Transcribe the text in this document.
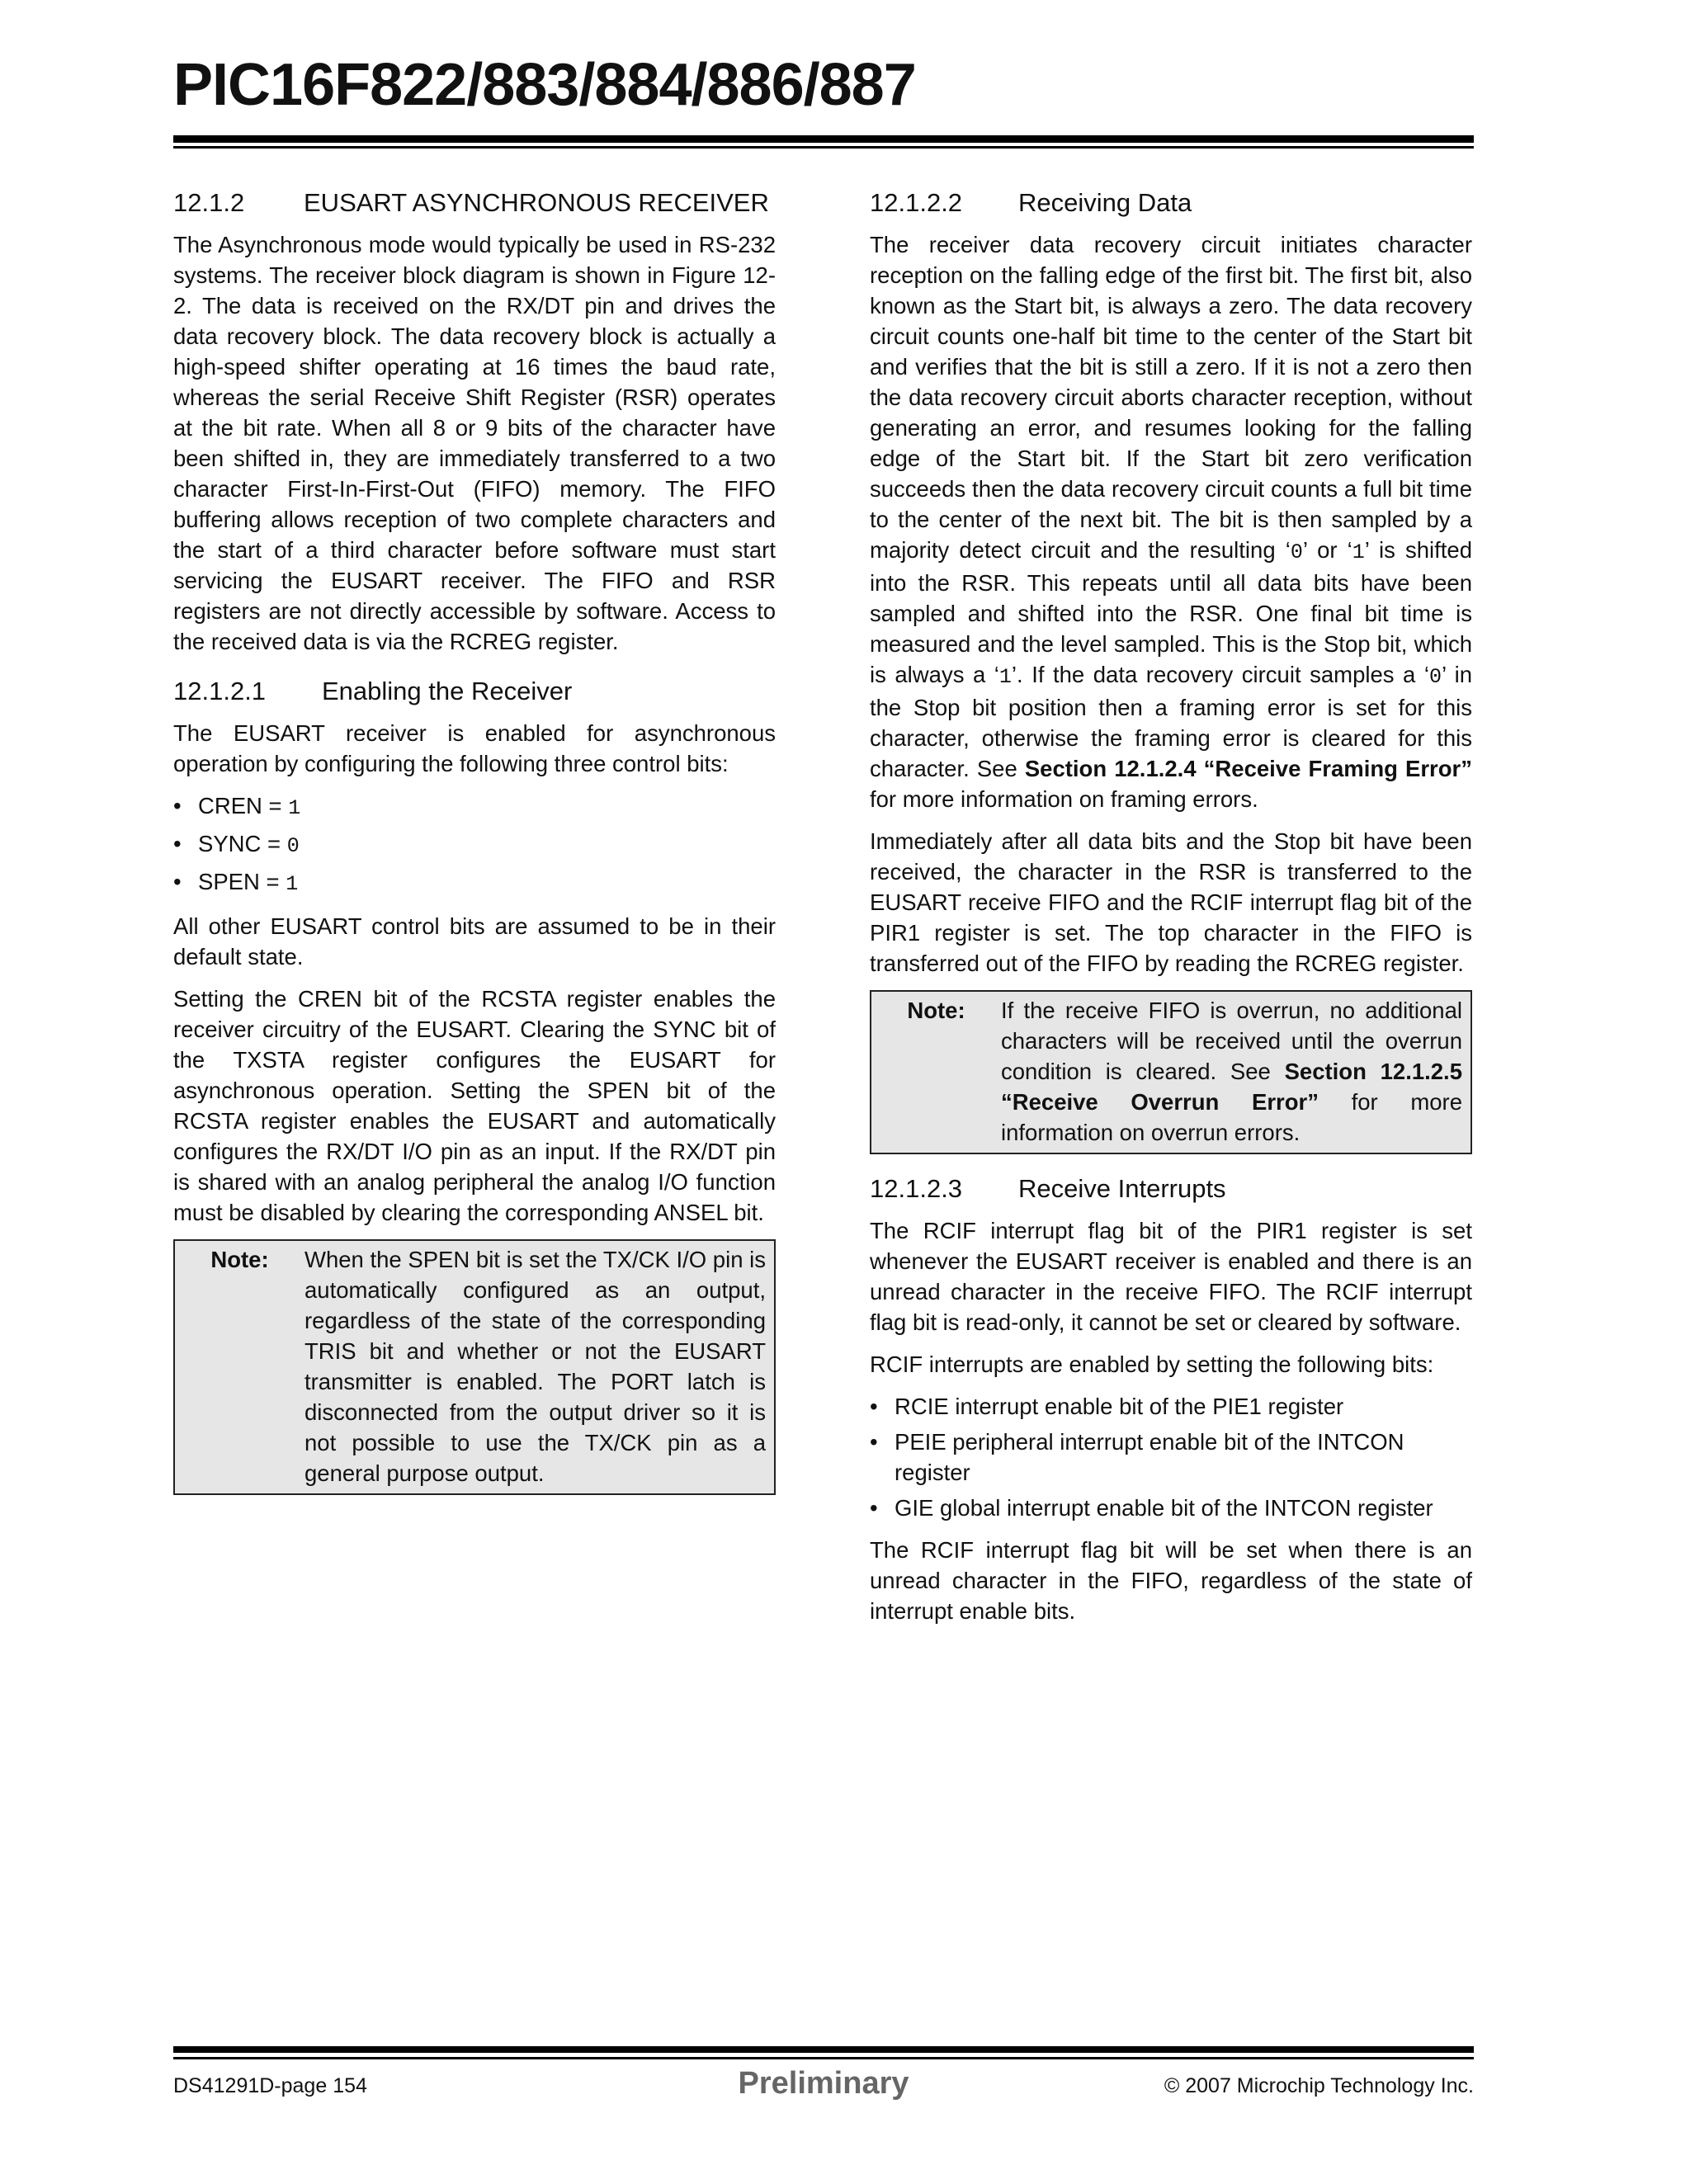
PIC16F822/883/884/886/887
12.1.2	EUSART ASYNCHRONOUS RECEIVER

The Asynchronous mode would typically be used in RS-232 systems. The receiver block diagram is shown in Figure 12-2. The data is received on the RX/DT pin and drives the data recovery block. The data recovery block is actually a high-speed shifter operating at 16 times the baud rate, whereas the serial Receive Shift Register (RSR) operates at the bit rate. When all 8 or 9 bits of the character have been shifted in, they are immediately transferred to a two character First-In-First-Out (FIFO) memory. The FIFO buffering allows reception of two complete characters and the start of a third character before software must start servicing the EUSART receiver. The FIFO and RSR registers are not directly accessible by software. Access to the received data is via the RCREG register.

12.1.2.1	Enabling the Receiver

The EUSART receiver is enabled for asynchronous operation by configuring the following three control bits:

• CREN = 1
• SYNC = 0
• SPEN = 1

All other EUSART control bits are assumed to be in their default state.

Setting the CREN bit of the RCSTA register enables the receiver circuitry of the EUSART. Clearing the SYNC bit of the TXSTA register configures the EUSART for asynchronous operation. Setting the SPEN bit of the RCSTA register enables the EUSART and automatically configures the RX/DT I/O pin as an input. If the RX/DT pin is shared with an analog peripheral the analog I/O function must be disabled by clearing the corresponding ANSEL bit.

Note:	When the SPEN bit is set the TX/CK I/O pin is automatically configured as an output, regardless of the state of the corresponding TRIS bit and whether or not the EUSART transmitter is enabled. The PORT latch is disconnected from the output driver so it is not possible to use the TX/CK pin as a general purpose output.
12.1.2.2	Receiving Data

The receiver data recovery circuit initiates character reception on the falling edge of the first bit. The first bit, also known as the Start bit, is always a zero. The data recovery circuit counts one-half bit time to the center of the Start bit and verifies that the bit is still a zero. If it is not a zero then the data recovery circuit aborts character reception, without generating an error, and resumes looking for the falling edge of the Start bit. If the Start bit zero verification succeeds then the data recovery circuit counts a full bit time to the center of the next bit. The bit is then sampled by a majority detect circuit and the resulting ‘0’ or ‘1’ is shifted into the RSR. This repeats until all data bits have been sampled and shifted into the RSR. One final bit time is measured and the level sampled. This is the Stop bit, which is always a ‘1’. If the data recovery circuit samples a ‘0’ in the Stop bit position then a framing error is set for this character, otherwise the framing error is cleared for this character. See Section 12.1.2.4 “Receive Framing Error” for more information on framing errors.

Immediately after all data bits and the Stop bit have been received, the character in the RSR is transferred to the EUSART receive FIFO and the RCIF interrupt flag bit of the PIR1 register is set. The top character in the FIFO is transferred out of the FIFO by reading the RCREG register.

Note:	If the receive FIFO is overrun, no additional characters will be received until the overrun condition is cleared. See Section 12.1.2.5 “Receive Overrun Error” for more information on overrun errors.
12.1.2.3	Receive Interrupts

The RCIF interrupt flag bit of the PIR1 register is set whenever the EUSART receiver is enabled and there is an unread character in the receive FIFO. The RCIF interrupt flag bit is read-only, it cannot be set or cleared by software.

RCIF interrupts are enabled by setting the following bits:

• RCIE interrupt enable bit of the PIE1 register
• PEIE peripheral interrupt enable bit of the INTCON register
• GIE global interrupt enable bit of the INTCON register

The RCIF interrupt flag bit will be set when there is an unread character in the FIFO, regardless of the state of interrupt enable bits.

DS41291D-page 154	Preliminary	© 2007 Microchip Technology Inc.
